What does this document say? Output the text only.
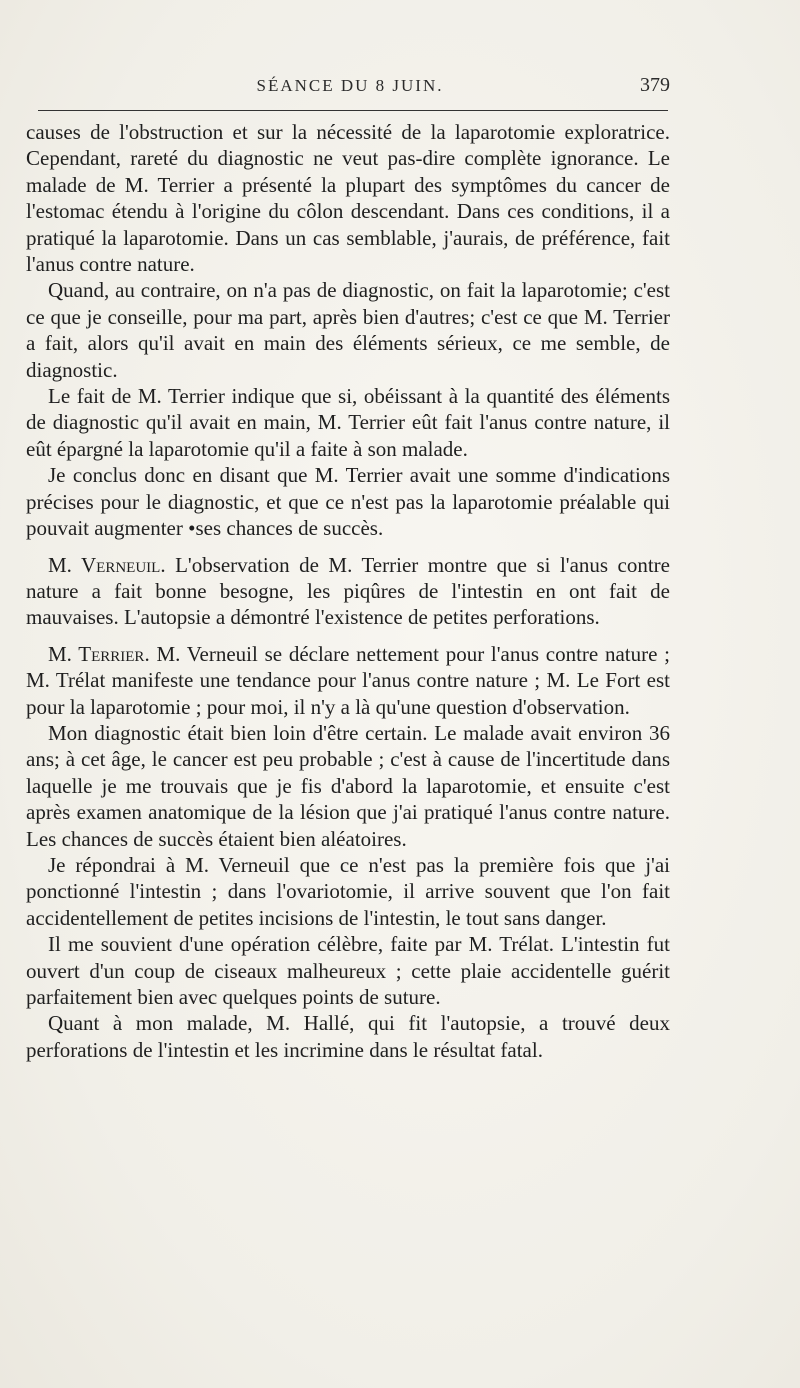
SÉANCE DU 8 JUIN.	379

causes de l'obstruction et sur la nécessité de la laparotomie exploratrice. Cependant, rareté du diagnostic ne veut pas-dire complète ignorance. Le malade de M. Terrier a présenté la plupart des symptômes du cancer de l'estomac étendu à l'origine du côlon descendant. Dans ces conditions, il a pratiqué la laparotomie. Dans un cas semblable, j'aurais, de préférence, fait l'anus contre nature.

Quand, au contraire, on n'a pas de diagnostic, on fait la laparotomie; c'est ce que je conseille, pour ma part, après bien d'autres; c'est ce que M. Terrier a fait, alors qu'il avait en main des éléments sérieux, ce me semble, de diagnostic.

Le fait de M. Terrier indique que si, obéissant à la quantité des éléments de diagnostic qu'il avait en main, M. Terrier eût fait l'anus contre nature, il eût épargné la laparotomie qu'il a faite à son malade.

Je conclus donc en disant que M. Terrier avait une somme d'indications précises pour le diagnostic, et que ce n'est pas la laparotomie préalable qui pouvait augmenter •ses chances de succès.

M. Verneuil. L'observation de M. Terrier montre que si l'anus contre nature a fait bonne besogne, les piqûres de l'intestin en ont fait de mauvaises. L'autopsie a démontré l'existence de petites perforations.

M. Terrier. M. Verneuil se déclare nettement pour l'anus contre nature ; M. Trélat manifeste une tendance pour l'anus contre nature ; M. Le Fort est pour la laparotomie ; pour moi, il n'y a là qu'une question d'observation.

Mon diagnostic était bien loin d'être certain. Le malade avait environ 36 ans; à cet âge, le cancer est peu probable ; c'est à cause de l'incertitude dans laquelle je me trouvais que je fis d'abord la laparotomie, et ensuite c'est après examen anatomique de la lésion que j'ai pratiqué l'anus contre nature. Les chances de succès étaient bien aléatoires.

Je répondrai à M. Verneuil que ce n'est pas la première fois que j'ai ponctionné l'intestin ; dans l'ovariotomie, il arrive souvent que l'on fait accidentellement de petites incisions de l'intestin, le tout sans danger.

Il me souvient d'une opération célèbre, faite par M. Trélat. L'intestin fut ouvert d'un coup de ciseaux malheureux ; cette plaie accidentelle guérit parfaitement bien avec quelques points de suture.

Quant à mon malade, M. Hallé, qui fit l'autopsie, a trouvé deux perforations de l'intestin et les incrimine dans le résultat fatal.
